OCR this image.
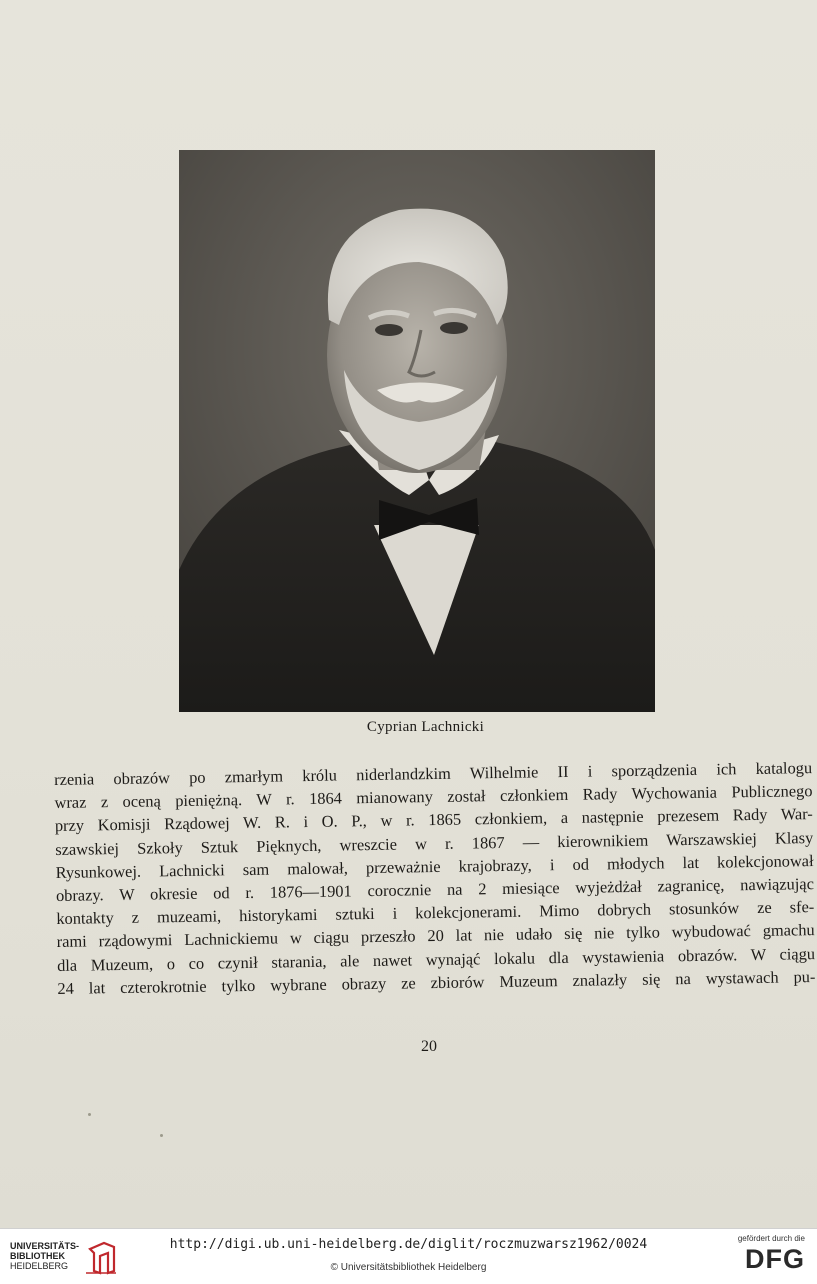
Cyprian Lachnicki
rzenia obrazów po zmarłym królu niderlandzkim Wilhelmie II i sporządzenia ich katalogu
wraz z oceną pieniężną. W r. 1864 mianowany został członkiem Rady Wychowania Publicznego
przy Komisji Rządowej W. R. i O. P., w r. 1865 członkiem, a następnie prezesem Rady War-
szawskiej Szkoły Sztuk Pięknych, wreszcie w r. 1867 — kierownikiem Warszawskiej Klasy
Rysunkowej. Lachnicki sam malował, przeważnie krajobrazy, i od młodych lat kolekcjonował
obrazy. W okresie od r. 1876—1901 corocznie na 2 miesiące wyjeżdżał zagranicę, nawiązując
kontakty z muzeami, historykami sztuki i kolekcjonerami. Mimo dobrych stosunków ze sfe-
rami rządowymi Lachnickiemu w ciągu przeszło 20 lat nie udało się nie tylko wybudować gmachu
dla Muzeum, o co czynił starania, ale nawet wynająć lokalu dla wystawienia obrazów. W ciągu
24 lat czterokrotnie tylko wybrane obrazy ze zbiorów Muzeum znalazły się na wystawach pu-
20
UNIVERSITÄTS-
BIBLIOTHEK
HEIDELBERG
http://digi.ub.uni-heidelberg.de/diglit/roczmuzwarsz1962/0024
© Universitätsbibliothek Heidelberg
gefördert durch die
DFG
